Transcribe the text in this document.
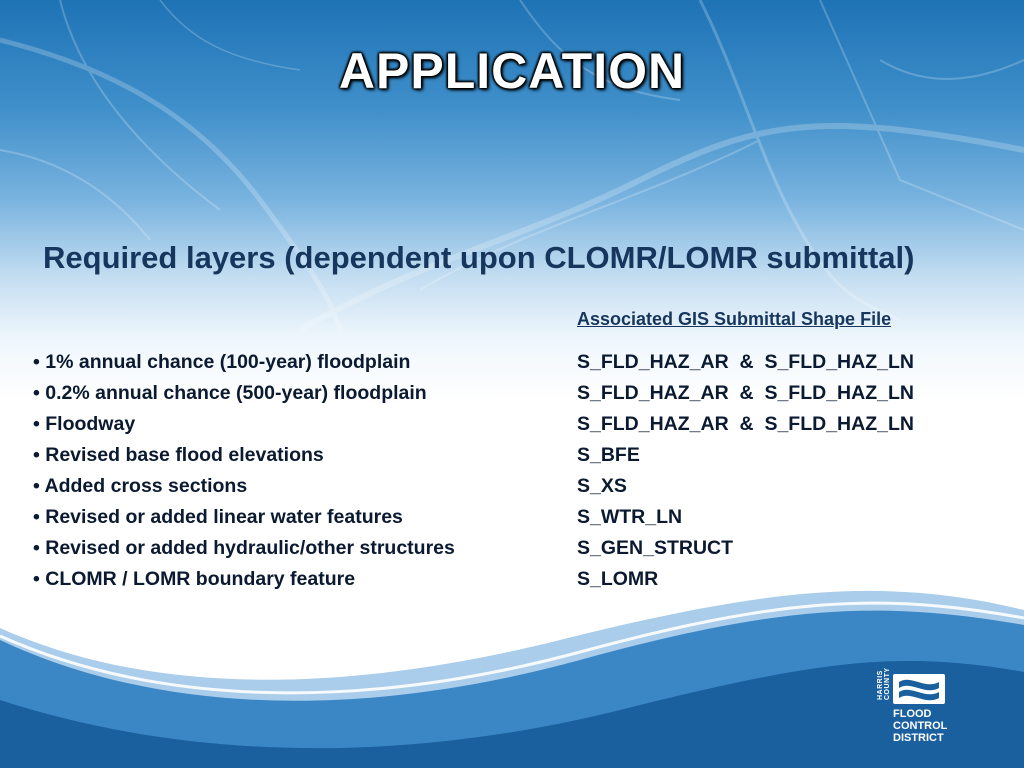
APPLICATION
Required layers (dependent upon CLOMR/LOMR submittal)
Associated GIS Submittal Shape File
• 1% annual chance (100-year) floodplain	S_FLD_HAZ_AR  &  S_FLD_HAZ_LN
• 0.2% annual chance (500-year) floodplain	S_FLD_HAZ_AR  &  S_FLD_HAZ_LN
• Floodway	S_FLD_HAZ_AR  &  S_FLD_HAZ_LN
• Revised base flood elevations	S_BFE
• Added cross sections	S_XS
• Revised or added linear water features	S_WTR_LN
• Revised or added hydraulic/other structures	S_GEN_STRUCT
• CLOMR / LOMR boundary feature	S_LOMR
HARRIS COUNTY
FLOOD
CONTROL
DISTRICT
